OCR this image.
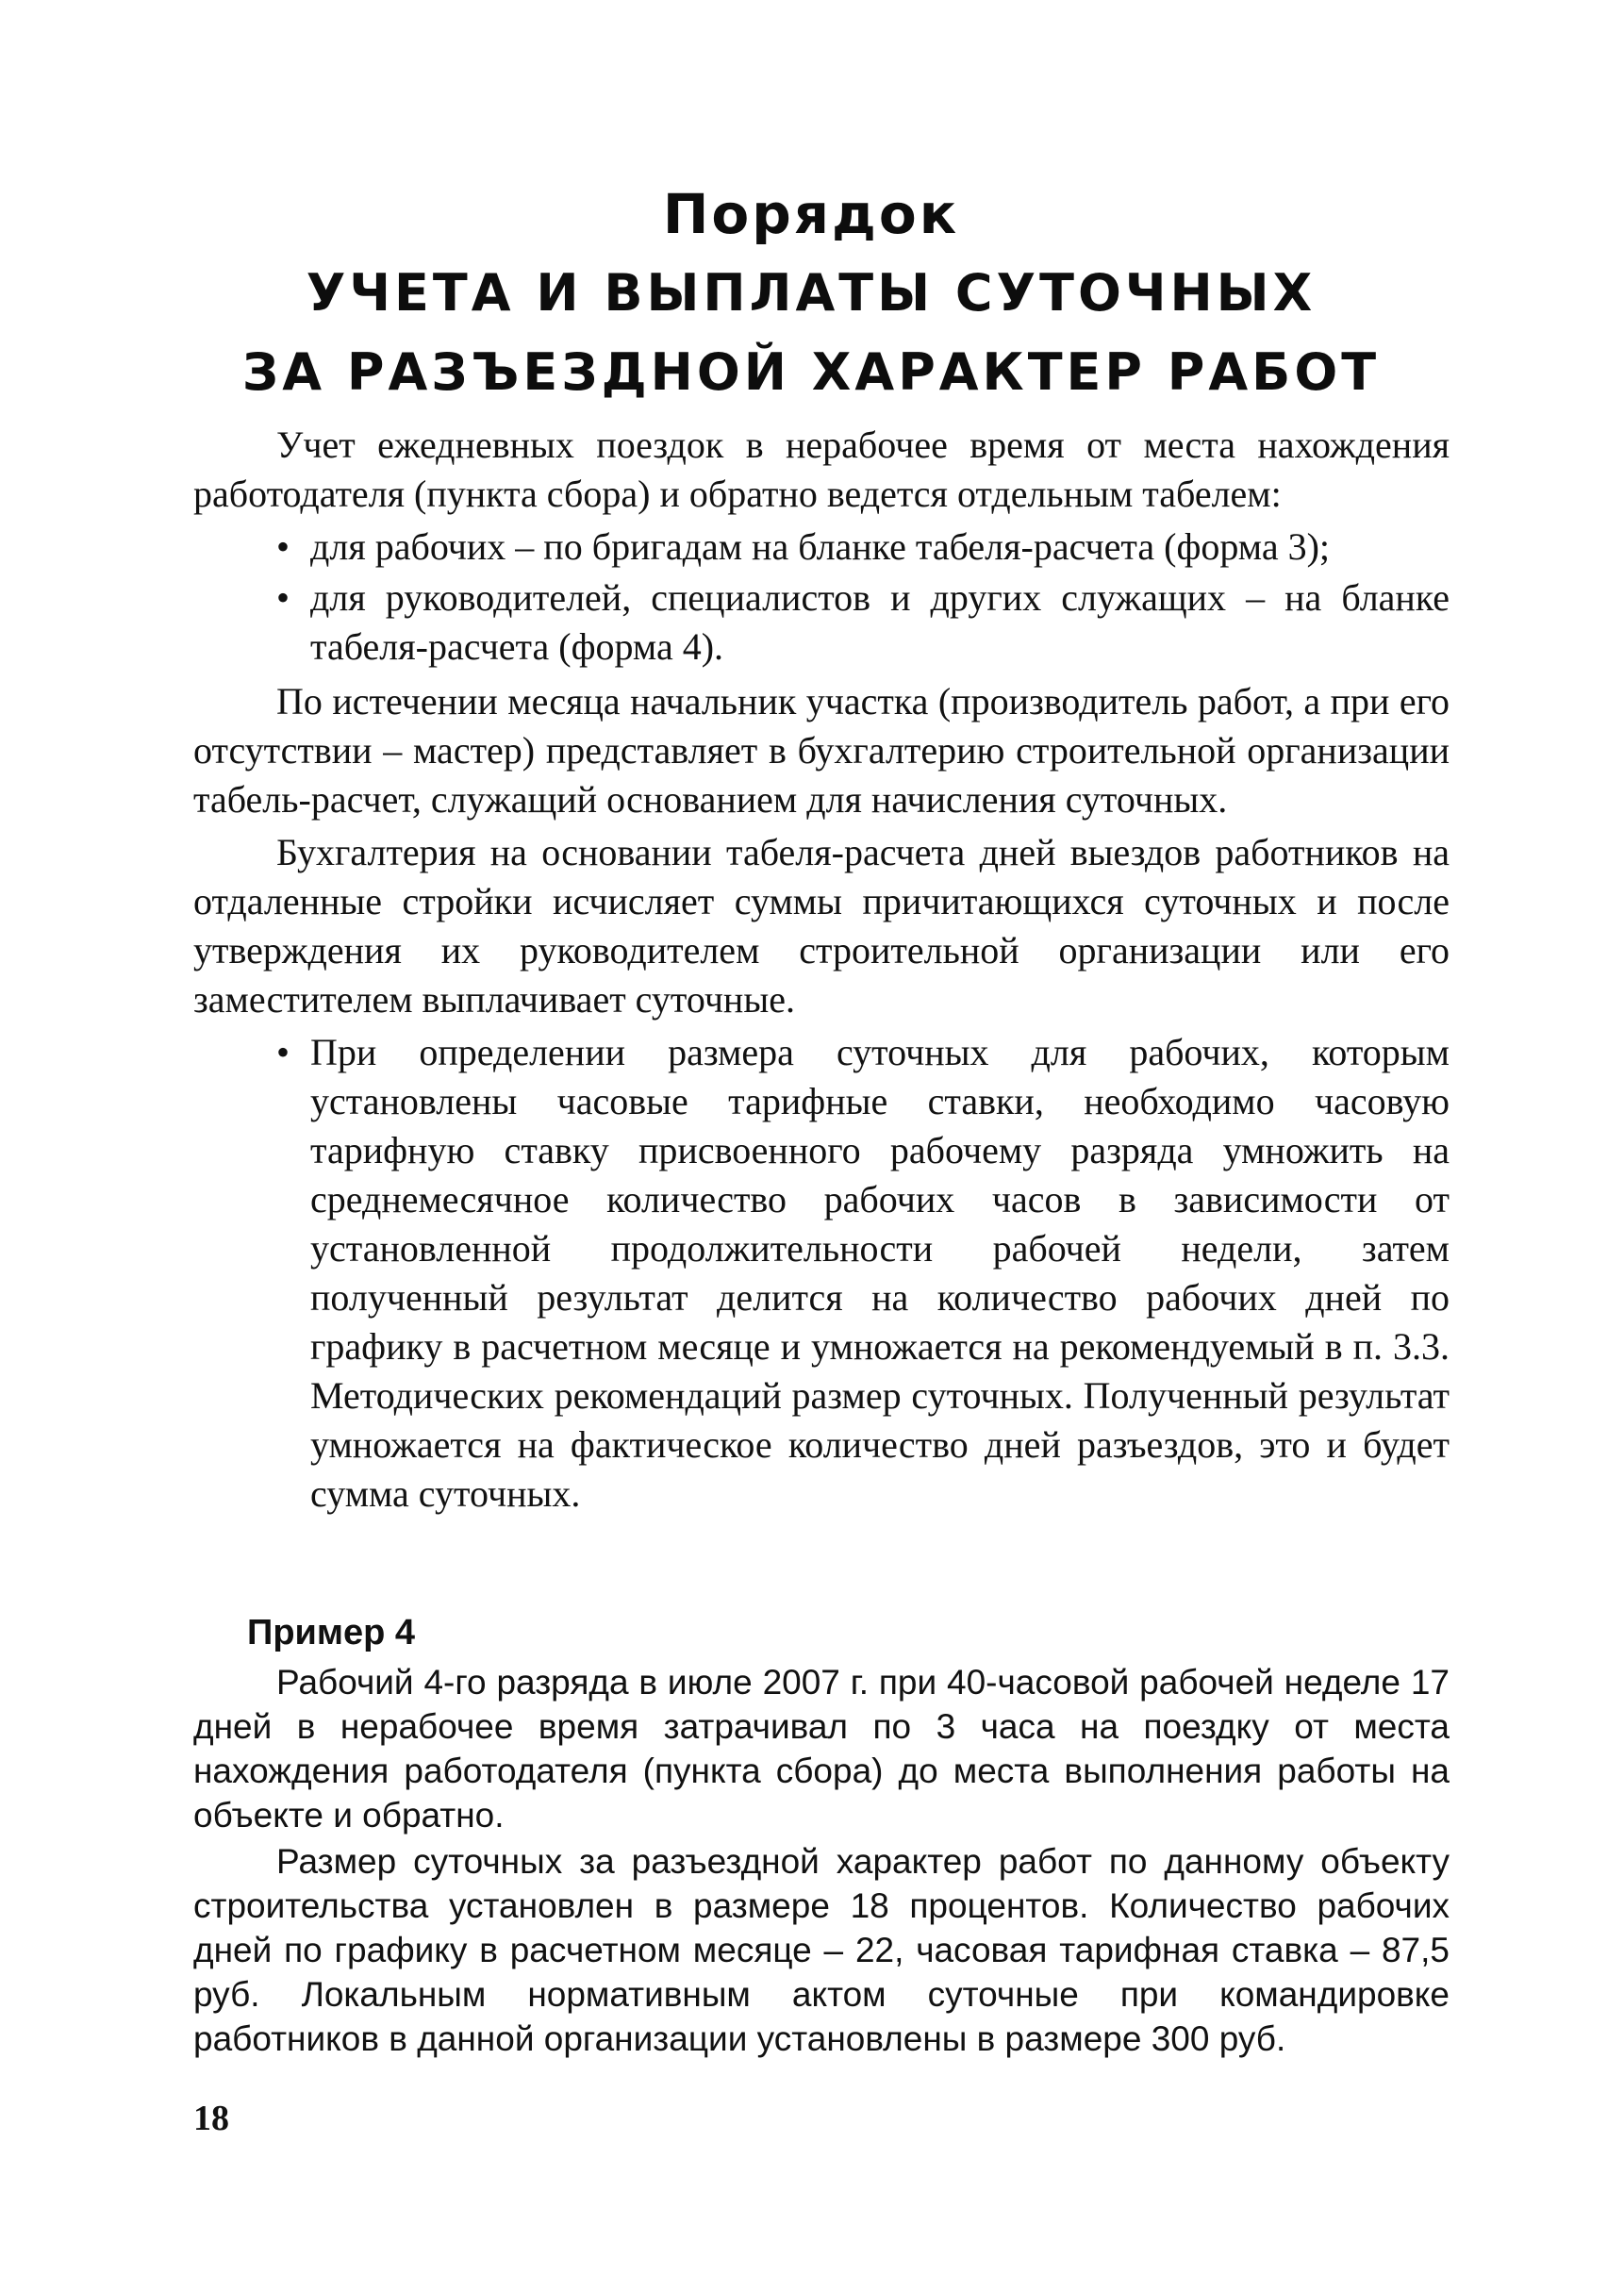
Порядок
УЧЕТА И ВЫПЛАТЫ СУТОЧНЫХ
ЗА РАЗЪЕЗДНОЙ ХАРАКТЕР РАБОТ

Учет ежедневных поездок в нерабочее время от места нахождения работодателя (пункта сбора) и обратно ведется отдельным табелем:

• для рабочих – по бригадам на бланке табеля-расчета (форма 3);
• для руководителей, специалистов и других служащих – на бланке табеля-расчета (форма 4).

По истечении месяца начальник участка (производитель работ, а при его отсутствии – мастер) представляет в бухгалтерию строительной организации табель-расчет, служащий основанием для начисления суточных.

Бухгалтерия на основании табеля-расчета дней выездов работников на отдаленные стройки исчисляет суммы причитающихся суточных и после утверждения их руководителем строительной организации или его заместителем выплачивает суточные.

• При определении размера суточных для рабочих, которым установлены часовые тарифные ставки, необходимо часовую тарифную ставку присвоенного рабочему разряда умножить на среднемесячное количество рабочих часов в зависимости от установленной продолжительности рабочей недели, затем полученный результат делится на количество рабочих дней по графику в расчетном месяце и умножается на рекомендуемый в п. 3.3. Методических рекомендаций размер суточных. Полученный результат умножается на фактическое количество дней разъездов, это и будет сумма суточных.
Пример 4

Рабочий 4-го разряда в июле 2007 г. при 40-часовой рабочей неделе 17 дней в нерабочее время затрачивал по 3 часа на поездку от места нахождения работодателя (пункта сбора) до места выполнения работы на объекте и обратно.

Размер суточных за разъездной характер работ по данному объекту строительства установлен в размере 18 процентов. Количество рабочих дней по графику в расчетном месяце – 22, часовая тарифная ставка – 87,5 руб. Локальным нормативным актом суточные при командировке работников в данной организации установлены в размере 300 руб.

18
